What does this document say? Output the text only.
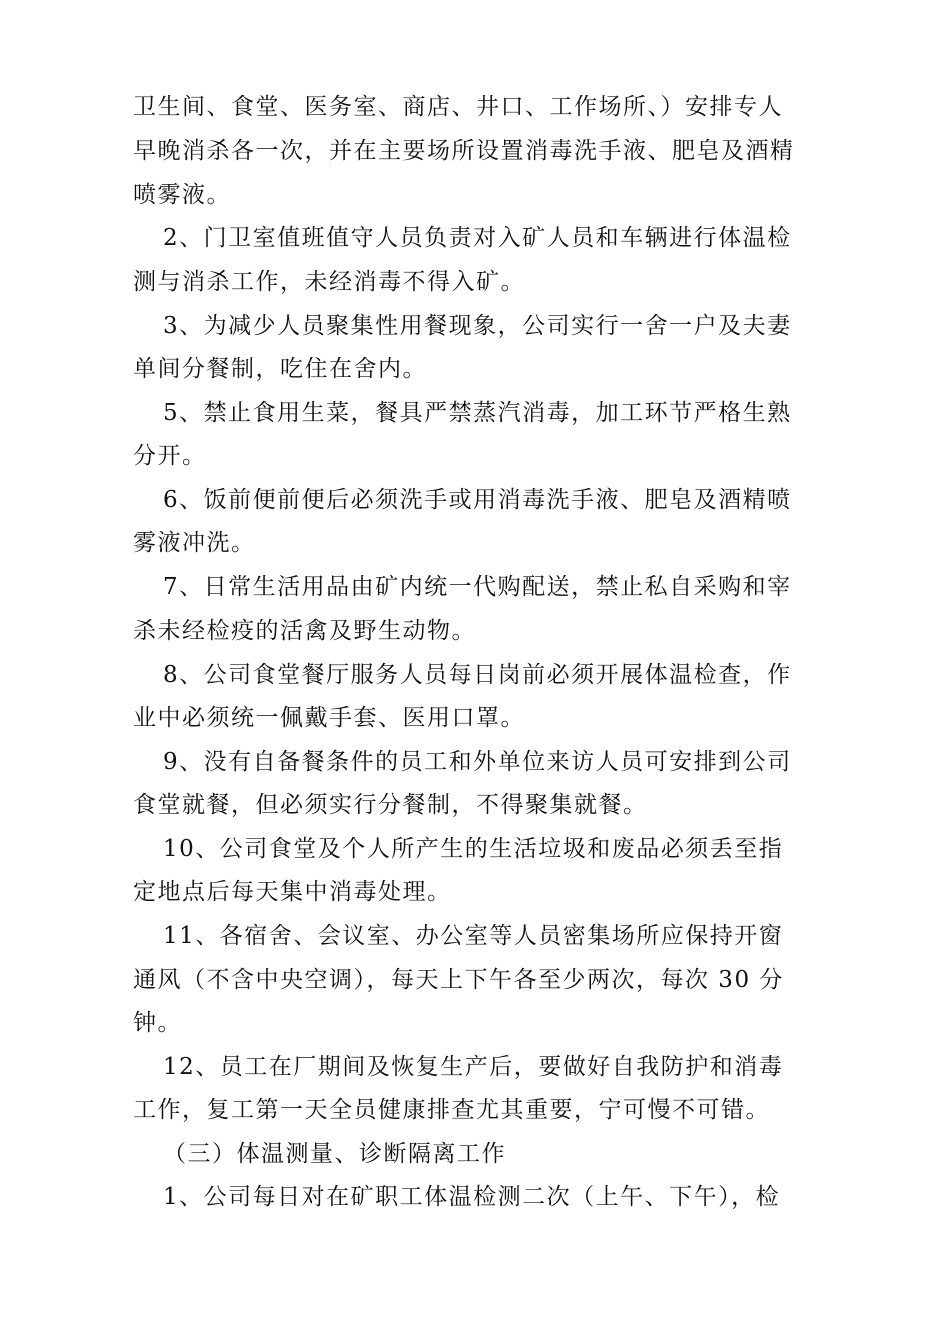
卫生间、食堂、医务室、商店、井口、工作场所、）安排专人
早晚消杀各一次，并在主要场所设置消毒洗手液、肥皂及酒精
喷雾液。
2、门卫室值班值守人员负责对入矿人员和车辆进行体温检
测与消杀工作，未经消毒不得入矿。
3、为减少人员聚集性用餐现象，公司实行一舍一户及夫妻
单间分餐制，吃住在舍内。
5、禁止食用生菜，餐具严禁蒸汽消毒，加工环节严格生熟
分开。
6、饭前便前便后必须洗手或用消毒洗手液、肥皂及酒精喷
雾液冲洗。
7、日常生活用品由矿内统一代购配送，禁止私自采购和宰
杀未经检疫的活禽及野生动物。
8、公司食堂餐厅服务人员每日岗前必须开展体温检查，作
业中必须统一佩戴手套、医用口罩。
9、没有自备餐条件的员工和外单位来访人员可安排到公司
食堂就餐，但必须实行分餐制，不得聚集就餐。
10、公司食堂及个人所产生的生活垃圾和废品必须丢至指
定地点后每天集中消毒处理。
11、各宿舍、会议室、办公室等人员密集场所应保持开窗
通风（不含中央空调），每天上下午各至少两次，每次 30 分
钟。
12、员工在厂期间及恢复生产后，要做好自我防护和消毒
工作，复工第一天全员健康排查尤其重要，宁可慢不可错。
（三）体温测量、诊断隔离工作
1、公司每日对在矿职工体温检测二次（上午、下午），检
